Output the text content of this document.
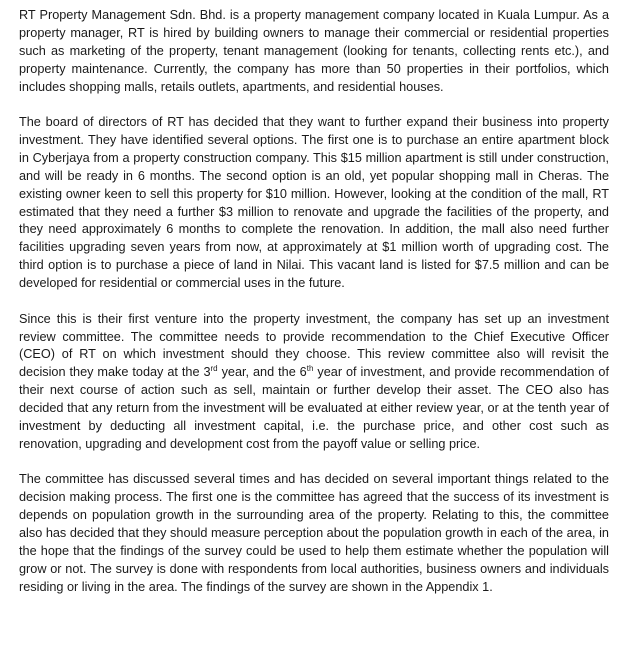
RT Property Management Sdn. Bhd. is a property management company located in Kuala Lumpur. As a property manager, RT is hired by building owners to manage their commercial or residential properties such as marketing of the property, tenant management (looking for tenants, collecting rents etc.), and property maintenance. Currently, the company has more than 50 properties in their portfolios, which includes shopping malls, retails outlets, apartments, and residential houses.

The board of directors of RT has decided that they want to further expand their business into property investment. They have identified several options. The first one is to purchase an entire apartment block in Cyberjaya from a property construction company. This $15 million apartment is still under construction, and will be ready in 6 months. The second option is an old, yet popular shopping mall in Cheras. The existing owner keen to sell this property for $10 million. However, looking at the condition of the mall, RT estimated that they need a further $3 million to renovate and upgrade the facilities of the property, and they need approximately 6 months to complete the renovation. In addition, the mall also need further facilities upgrading seven years from now, at approximately at $1 million worth of upgrading cost. The third option is to purchase a piece of land in Nilai. This vacant land is listed for $7.5 million and can be developed for residential or commercial uses in the future.

Since this is their first venture into the property investment, the company has set up an investment review committee. The committee needs to provide recommendation to the Chief Executive Officer (CEO) of RT on which investment should they choose. This review committee also will revisit the decision they make today at the 3rd year, and the 6th year of investment, and provide recommendation of their next course of action such as sell, maintain or further develop their asset. The CEO also has decided that any return from the investment will be evaluated at either review year, or at the tenth year of investment by deducting all investment capital, i.e. the purchase price, and other cost such as renovation, upgrading and development cost from the payoff value or selling price.

The committee has discussed several times and has decided on several important things related to the decision making process. The first one is the committee has agreed that the success of its investment is depends on population growth in the surrounding area of the property. Relating to this, the committee also has decided that they should measure perception about the population growth in each of the area, in the hope that the findings of the survey could be used to help them estimate whether the population will grow or not. The survey is done with respondents from local authorities, business owners and individuals residing or living in the area. The findings of the survey are shown in the Appendix 1.
